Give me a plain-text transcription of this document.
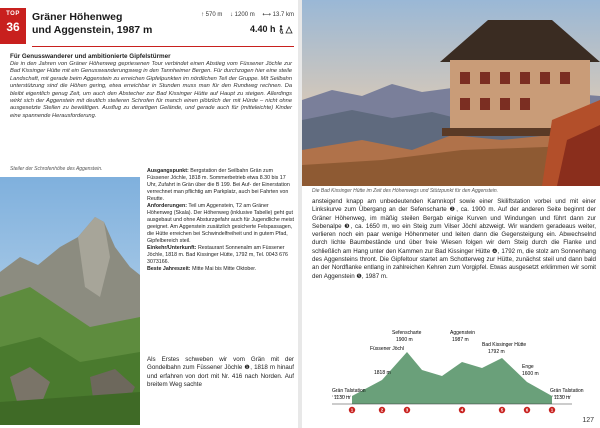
TOP
36
Gräner Höhenweg
und Aggenstein, 1987 m
↑ 570 m ↓ 1200 m ⟷ 13.7 km
4.40 h
Für Genusswanderer und ambitionierte Gipfelstürmer
Die in den Jahren von Gräner Höhenweg gepriesenen Tour verbindet einen Abstieg vom Füssener Jöchle zur Bad Kissinger Hütte mit ein Genusswanderungsweg in den Tannheimer Bergen. Für durchzogen hier eine steile Landschaft, mit gerade beim Aggenstein zu erreichen Gipfelpunkten im nördlichen Teil der Gruppe. Mit Seilbahn unterstützung sind die Höhen gering, etwa erreichbar in Stunden muss man für den Rundweg rechnen. Da bleibt eigentlich genug Zeit, um auch den Abstecher zur Bad Kissinger Hütte auf Haupt zu steigen. Allerdings wirkt sich der Aggenstein mit deutlich steileren Schrofen für manch einen plötzlich der mit Hürde – nicht ohne ausgesetzte Stellen zu bewältigen. Ausflug zu derartigen Gelände, und gerade auch für (mitteleichte) Kinder eine spannende Herausforderung.
Steiler der Schrofenhöhe des Aggenstein.	Ausgangspunkt: Bergstation der Seilbahn Grän zum Füssener Jöchle, 1818 m. Sommerbetrieb etwa 8.30 bis 17 Uhr, Zufahrt in Grän über die B 199. Bei Auf- der Einerstation verrechnet man pflichtig am Parkplatz, auch bei Fahrten von Reutte.
Anforderungen: Teil um Aggenstein, T2 am Gräner Höhenweg (Skala). Der Höhenweg (inklusive Tabelle) geht gut ausgebaut und ohne Absturzgefahr auch für Jugendliche meist geeignet. Am Aggenstein zusätzlich gesicherte Felspassagen, die Hütte erreichen bei Schwindelfreiheit und in gutem Pfad, Gipfelbereich steil.
Einkehr/Unterkunft: Restaurant Sonnenalm am Füssener Jöchle, 1818 m. Bad Kissinger Hütte, 1792 m, Tel. 0043 676 3073166.
Beste Jahreszeit: Mitte Mai bis Mitte Oktober.
Als Erstes schweben wir vom Grän mit der Gondelbahn zum Füssener Jöchle ❶, 1818 m hinauf und erfahren von dort mit Nr. 416 nach Norden. Auf breitem Weg sachte
Die Bad Kissinger Hütte im Zeit des Höhenwegs und Stützpunkt für den Aggenstein.
ansteigend knapp am unbedeutenden Kamnkopf sowie einer Skiliftstation vorbei und mit einer Linkskurve zum Übergang an der Sefenscharte ❷, ca. 1900 m. Auf der anderen Seite beginnt der Gräner Höhenweg, im mäßig steilen Bergab einige Kurven und Windungen und führt dann zur Sebenalpe ❸, ca. 1650 m, wo ein Steig zum Vilser Jöchl abzweigt. Wir wandern geradeaus weiter, verlieren noch ein paar wenige Höhenmeter und leiten dann die Gegensteigung ein. Abwechselnd durch lichte Baumbestände und über freie Wiesen folgen wir dem Steig durch die Flanke und schließlich am Hang unter den Kammen zur Bad Kissinger Hütte ❹, 1792 m, die stolz am Sonnenhang des Aggensteins thront. Die Gipfeltour startet am Schotterweg zur Hütte, zunächst steil und dann bald an der Nordflanke entlang in zahlreichen Kehren zum Vorgipfel. Etwas ausgesetzt erklimmen wir somit den Aggenstein ❺, 1987 m.
Grän Talstation
1130 m
Füssener Jöchl
1818 m
Sefenscharte
1900 m
Aggenstein
1987 m
Bad Kissinger Hütte
1792 m
Enge
1600 m
Grän Talstation
1130 m
1	2	3	4	5	6	1
127
